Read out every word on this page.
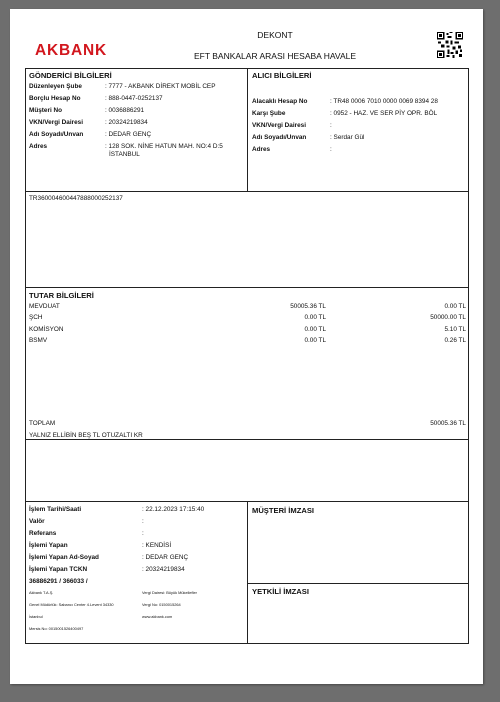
AKBANK
DEKONT
EFT BANKALAR ARASI HESABA HAVALE
GÖNDERİCİ BİLGİLERİ	ALICI BİLGİLERİ
Düzenleyen Şube	: 7777 - AKBANK DİREKT MOBİL CEP
Borçlu Hesap No	: 888-0447-0252137
Müşteri No	: 0036886291
VKN/Vergi Dairesi	: 20324219834
Adı Soyadı/Unvan	: DEDAR GENÇ
Adres	: 128 SOK. NİNE HATUN MAH. NO:4 D:5
İSTANBUL
Alacaklı Hesap No	: TR48 0006 7010 0000 0069 8394 28
Karşı Şube	: 0952 - HAZ. VE SER PİY OPR. BÖL
VKN/Vergi Dairesi	:
Adı Soyadı/Unvan	: Serdar Gül
Adres	:
TR360004600447888000252137
TUTAR BİLGİLERİ
MEVDUAT	50005.36 TL	0.00 TL
ŞCH	0.00 TL	50000.00 TL
KOMİSYON	0.00 TL	5.10 TL
BSMV	0.00 TL	0.26 TL
TOPLAM	50005.36 TL
YALNIZ ELLİBİN BEŞ TL OTUZALTI KR
İşlem Tarihi/Saati	: 22.12.2023 17:15:40
Valör	:
Referans	:
İşlemi Yapan	: KENDİSİ
İşlemi Yapan Ad-Soyad	: DEDAR GENÇ
İşlemi Yapan TCKN	: 20324219834
36886291 / 366033 /
Akbank T.A.Ş.
Genel Müdürlük: Sabancı Center 4.Levent 34330
İstanbul
Mersis No: 0015001526400497
Vergi Dairesi: Büyük Mükellefler
Vergi No: 0150015264
www.akbank.com
MÜŞTERİ İMZASI
YETKİLİ İMZASI
